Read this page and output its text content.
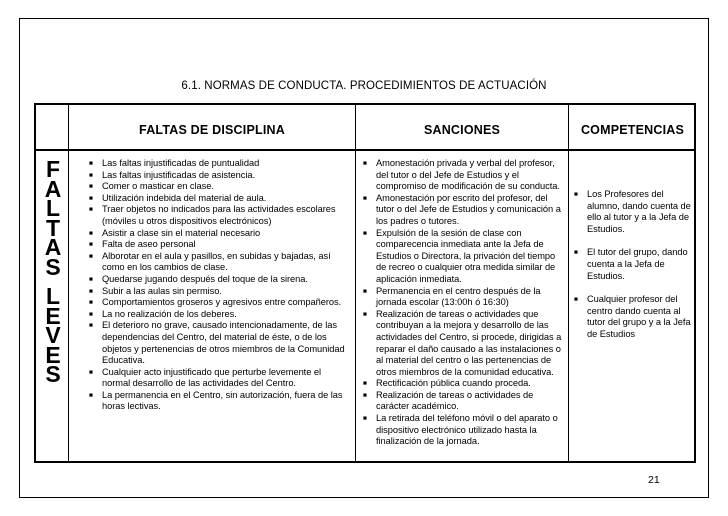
6.1. NORMAS DE CONDUCTA. PROCEDIMIENTOS DE ACTUACIÓN
FALTAS DE DISCIPLINA	SANCIONES	COMPETENCIAS
F
A
L
T
A
S
L
E
V
E
S
■ Las faltas injustificadas de puntualidad
■ Las faltas injustificadas de asistencia.
■ Comer o masticar en clase.
■ Utilización indebida del material de aula.
■ Traer objetos no indicados para las actividades escolares (móviles u otros dispositivos electrónicos)
■ Asistir a clase sin el material necesario
■ Falta de aseo personal
■ Alborotar en el aula y pasillos, en subidas y bajadas, así como en los cambios de clase.
■ Quedarse jugando después del toque de la sirena.
■ Subir a las aulas sin permiso.
■ Comportamientos groseros y agresivos entre compañeros.
■ La no realización de los deberes.
■ El deterioro no grave, causado intencionadamente, de las dependencias del Centro, del material de éste, o de los objetos y pertenencias de otros miembros de la Comunidad Educativa.
■ Cualquier acto injustificado que perturbe levemente el normal desarrollo de las actividades del Centro.
■ La permanencia en el Centro, sin autorización, fuera de las horas lectivas.
■ Amonestación privada y verbal del profesor, del tutor o del Jefe de Estudios y el compromiso de modificación de su conducta.
■ Amonestación por escrito del profesor, del tutor o del Jefe de Estudios y comunicación a los padres o tutores.
■ Expulsión de la sesión de clase con comparecencia inmediata ante la Jefa de Estudios o Directora, la privación del tiempo de recreo o cualquier otra medida similar de aplicación inmediata.
■ Permanencia en el centro después de la jornada escolar (13:00h ó 16:30)
■ Realización de tareas o actividades que contribuyan a la mejora y desarrollo de las actividades del Centro, si procede, dirigidas a reparar el daño causado a las instalaciones o al material del centro o las pertenencias de otros miembros de la comunidad educativa.
■ Rectificación pública cuando proceda.
■ Realización de tareas o actividades de carácter académico.
■ La retirada del teléfono móvil o del aparato o dispositivo electrónico utilizado hasta la finalización de la jornada.
■ Los Profesores del alumno, dando cuenta de ello al tutor y a la Jefa de Estudios.
■ El tutor del grupo, dando cuenta a la Jefa de Estudios.
■ Cualquier profesor del centro dando cuenta al tutor del grupo y a la Jefa de Estudios
21
